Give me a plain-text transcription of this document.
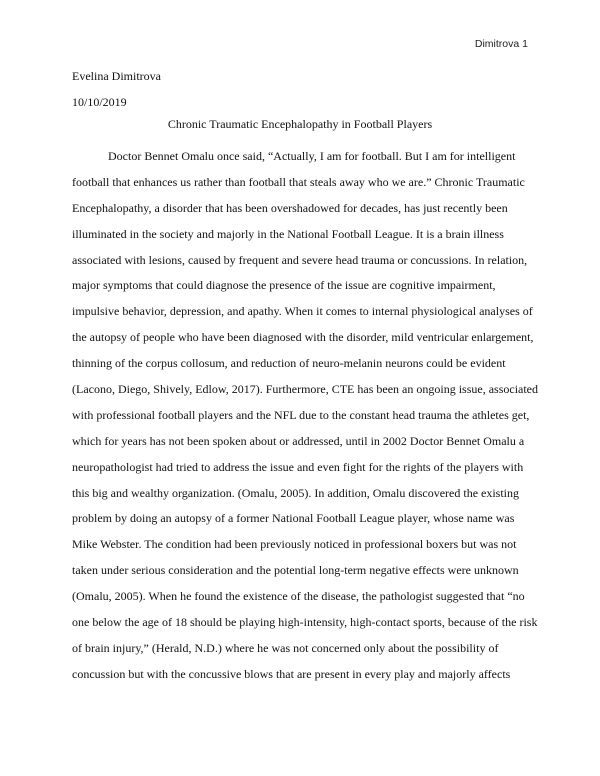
Dimitrova 1
Evelina Dimitrova
10/10/2019
Chronic Traumatic Encephalopathy in Football Players
Doctor Bennet Omalu once said, “Actually, I am for football. But I am for intelligent
football that enhances us rather than football that steals away who we are.” Chronic Traumatic
Encephalopathy, a disorder that has been overshadowed for decades, has just recently been
illuminated in the society and majorly in the National Football League. It is a brain illness
associated with lesions, caused by frequent and severe head trauma or concussions. In relation,
major symptoms that could diagnose the presence of the issue are cognitive impairment,
impulsive behavior, depression, and apathy. When it comes to internal physiological analyses of
the autopsy of people who have been diagnosed with the disorder, mild ventricular enlargement,
thinning of the corpus collosum, and reduction of neuro-melanin neurons could be evident
(Lacono, Diego, Shively, Edlow, 2017). Furthermore, CTE has been an ongoing issue, associated
with professional football players and the NFL due to the constant head trauma the athletes get,
which for years has not been spoken about or addressed, until in 2002 Doctor Bennet Omalu a
neuropathologist had tried to address the issue and even fight for the rights of the players with
this big and wealthy organization. (Omalu, 2005). In addition, Omalu discovered the existing
problem by doing an autopsy of a former National Football League player, whose name was
Mike Webster. The condition had been previously noticed in professional boxers but was not
taken under serious consideration and the potential long-term negative effects were unknown
(Omalu, 2005). When he found the existence of the disease, the pathologist suggested that “no
one below the age of 18 should be playing high-intensity, high-contact sports, because of the risk
of brain injury,” (Herald, N.D.) where he was not concerned only about the possibility of
concussion but with the concussive blows that are present in every play and majorly affects
